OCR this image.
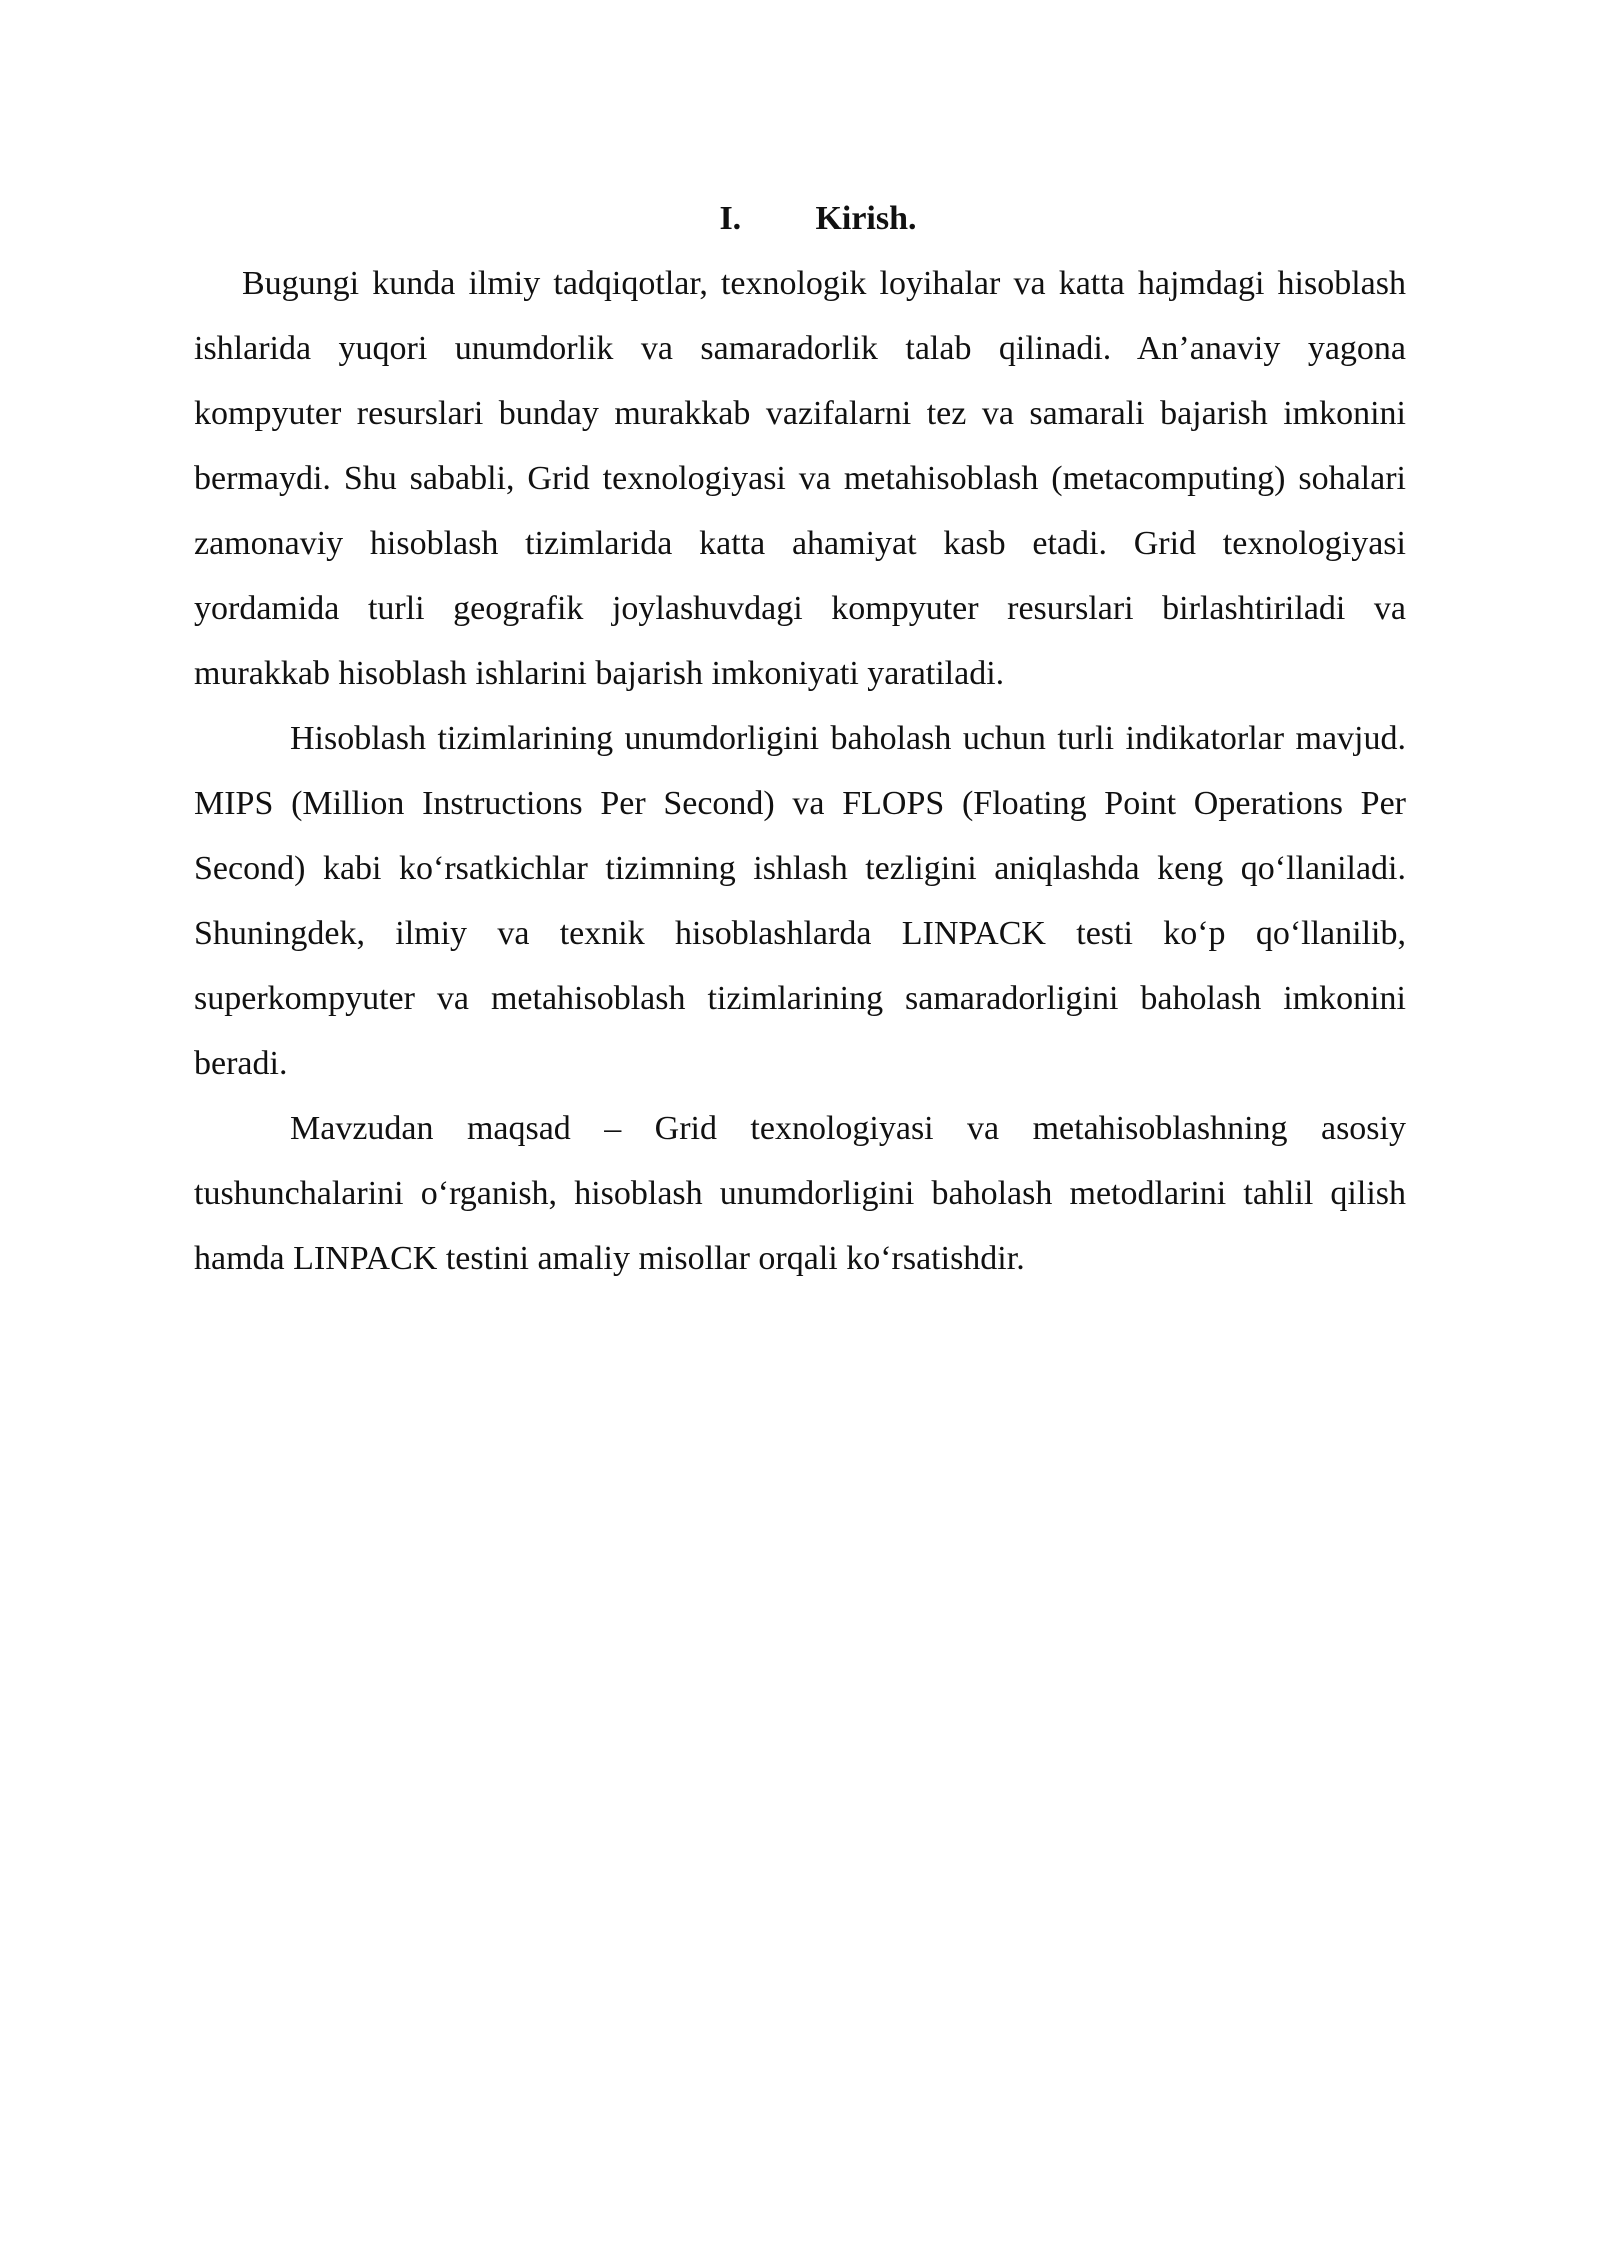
I.	Kirish.

Bugungi kunda ilmiy tadqiqotlar, texnologik loyihalar va katta hajmdagi hisoblash ishlarida yuqori unumdorlik va samaradorlik talab qilinadi. An’anaviy yagona kompyuter resurslari bunday murakkab vazifalarni tez va samarali bajarish imkonini bermaydi. Shu sababli, Grid texnologiyasi va metahisoblash (metacomputing) sohalari zamonaviy hisoblash tizimlarida katta ahamiyat kasb etadi. Grid texnologiyasi yordamida turli geografik joylashuvdagi kompyuter resurslari birlashtiriladi va murakkab hisoblash ishlarini bajarish imkoniyati yaratiladi.

Hisoblash tizimlarining unumdorligini baholash uchun turli indikatorlar mavjud. MIPS (Million Instructions Per Second) va FLOPS (Floating Point Operations Per Second) kabi ko‘rsatkichlar tizimning ishlash tezligini aniqlashda keng qo‘llaniladi. Shuningdek, ilmiy va texnik hisoblashlarda LINPACK testi ko‘p qo‘llanilib, superkompyuter va metahisoblash tizimlarining samaradorligini baholash imkonini beradi.

Mavzudan maqsad – Grid texnologiyasi va metahisoblashning asosiy tushunchalarini o‘rganish, hisoblash unumdorligini baholash metodlarini tahlil qilish hamda LINPACK testini amaliy misollar orqali ko‘rsatishdir.
